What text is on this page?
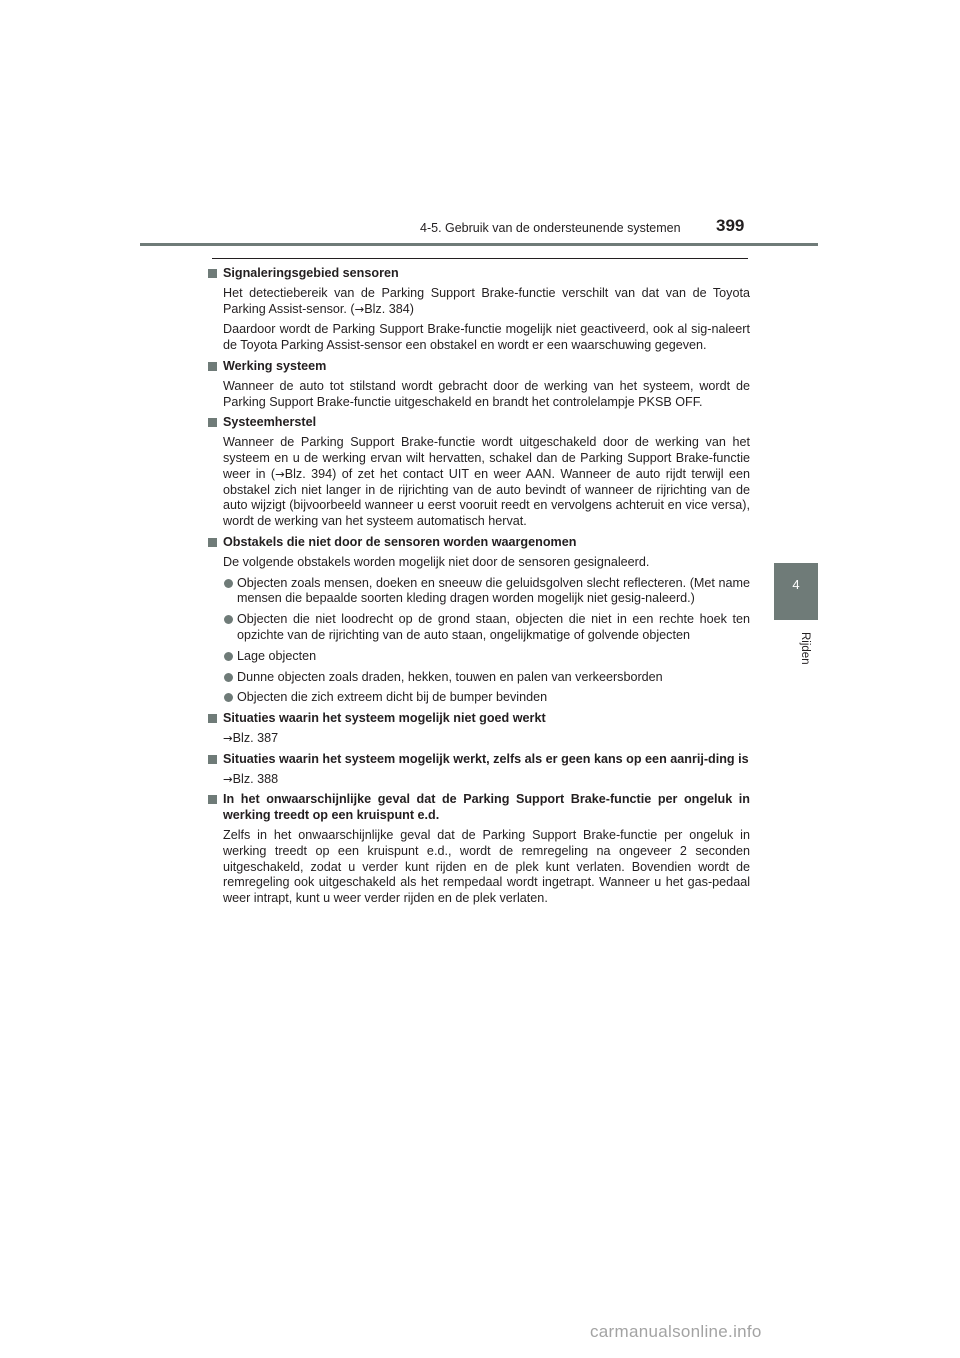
4-5. Gebruik van de ondersteunende systemen	399
4
Rijden
Signaleringsgebied sensoren

Het detectiebereik van de Parking Support Brake-functie verschilt van dat van de Toyota Parking Assist-sensor. (→Blz. 384)

Daardoor wordt de Parking Support Brake-functie mogelijk niet geactiveerd, ook al sig-naleert de Toyota Parking Assist-sensor een obstakel en wordt er een waarschuwing gegeven.

Werking systeem

Wanneer de auto tot stilstand wordt gebracht door de werking van het systeem, wordt de Parking Support Brake-functie uitgeschakeld en brandt het controlelampje PKSB OFF.

Systeemherstel

Wanneer de Parking Support Brake-functie wordt uitgeschakeld door de werking van het systeem en u de werking ervan wilt hervatten, schakel dan de Parking Support Brake-functie weer in (→Blz. 394) of zet het contact UIT en weer AAN. Wanneer de auto rijdt terwijl een obstakel zich niet langer in de rijrichting van de auto bevindt of wanneer de rijrichting van de auto wijzigt (bijvoorbeeld wanneer u eerst vooruit reedt en vervolgens achteruit en vice versa), wordt de werking van het systeem automatisch hervat.

Obstakels die niet door de sensoren worden waargenomen

De volgende obstakels worden mogelijk niet door de sensoren gesignaleerd.

Objecten zoals mensen, doeken en sneeuw die geluidsgolven slecht reflecteren. (Met name mensen die bepaalde soorten kleding dragen worden mogelijk niet gesig-naleerd.)
Objecten die niet loodrecht op de grond staan, objecten die niet in een rechte hoek ten opzichte van de rijrichting van de auto staan, ongelijkmatige of golvende objecten
Lage objecten
Dunne objecten zoals draden, hekken, touwen en palen van verkeersborden
Objecten die zich extreem dicht bij de bumper bevinden
Situaties waarin het systeem mogelijk niet goed werkt

→Blz. 387

Situaties waarin het systeem mogelijk werkt, zelfs als er geen kans op een aanrij-ding is

→Blz. 388

In het onwaarschijnlijke geval dat de Parking Support Brake-functie per ongeluk in werking treedt op een kruispunt e.d.

Zelfs in het onwaarschijnlijke geval dat de Parking Support Brake-functie per ongeluk in werking treedt op een kruispunt e.d., wordt de remregeling na ongeveer 2 seconden uitgeschakeld, zodat u verder kunt rijden en de plek kunt verlaten. Bovendien wordt de remregeling ook uitgeschakeld als het rempedaal wordt ingetrapt. Wanneer u het gas-pedaal weer intrapt, kunt u weer verder rijden en de plek verlaten.

carmanualsonline.info
